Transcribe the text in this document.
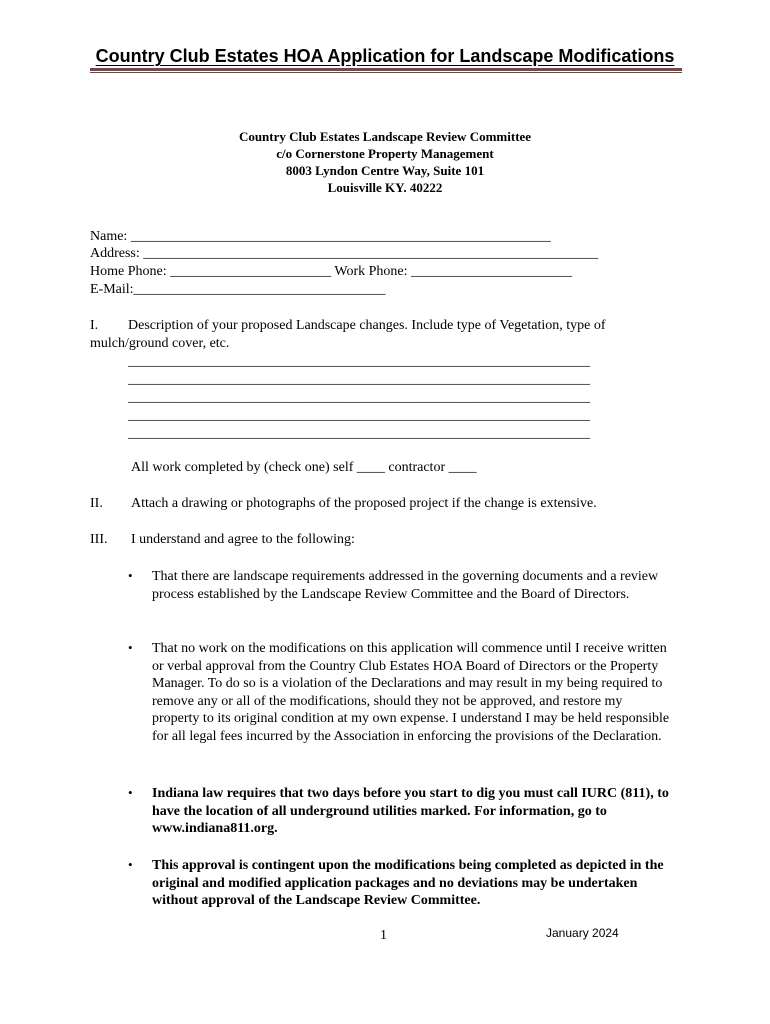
Country Club Estates HOA Application for Landscape Modifications
Country Club Estates Landscape Review Committee
c/o Cornerstone Property Management
8003 Lyndon Centre Way, Suite 101
Louisville KY. 40222
Name: ____________________________________________________________
Address: _________________________________________________________________
Home Phone: _______________________ Work Phone: _______________________
E-Mail:____________________________________
I. Description of your proposed Landscape changes. Include type of Vegetation, type of
mulch/ground cover, etc.
__________________________________________________________________
__________________________________________________________________
__________________________________________________________________
__________________________________________________________________
__________________________________________________________________
All work completed by (check one) self ____ contractor ____
II. Attach a drawing or photographs of the proposed project if the change is extensive.
III. I understand and agree to the following:
• That there are landscape requirements addressed in the governing documents and a review process established by the Landscape Review Committee and the Board of Directors.
• That no work on the modifications on this application will commence until I receive written or verbal approval from the Country Club Estates HOA Board of Directors or the Property Manager. To do so is a violation of the Declarations and may result in my being required to remove any or all of the modifications, should they not be approved, and restore my property to its original condition at my own expense. I understand I may be held responsible for all legal fees incurred by the Association in enforcing the provisions of the Declaration.
• Indiana law requires that two days before you start to dig you must call IURC (811), to have the location of all underground utilities marked. For information, go to www.indiana811.org.
• This approval is contingent upon the modifications being completed as depicted in the original and modified application packages and no deviations may be undertaken without approval of the Landscape Review Committee.
1	January 2024
